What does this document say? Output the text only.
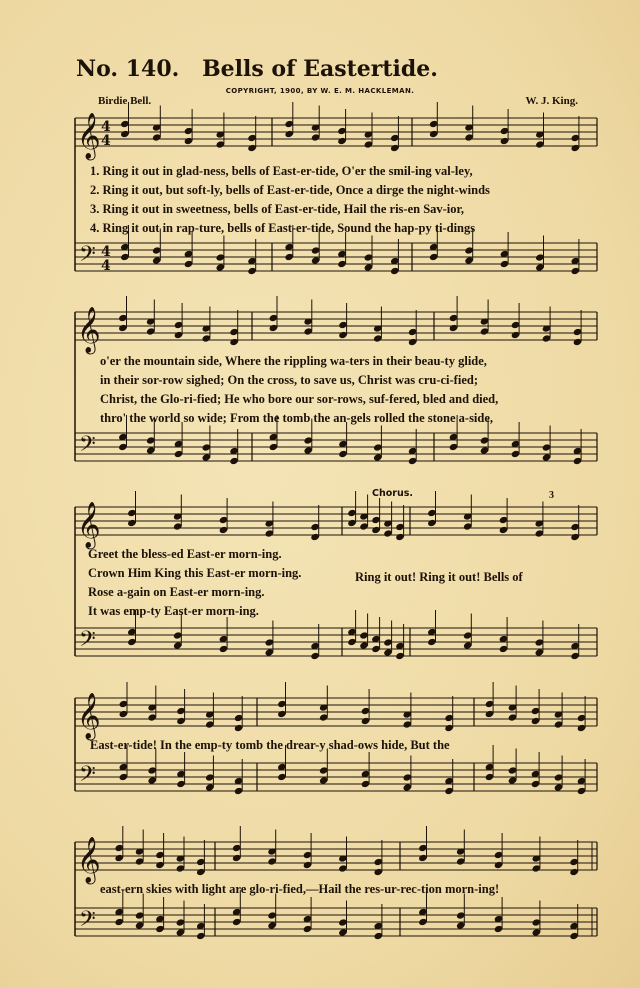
𝄞
𝄢
4
4
4
4
𝄞
𝄢
𝄞
𝄢
𝄞
𝄢
𝄞
𝄢
No. 140.	Bells of Eastertide.
COPYRIGHT, 1900, BY W. E. M. HACKLEMAN.
Birdie Bell.	W. J. King.
1. Ring it out in glad-ness, bells of East-er-tide, O'er the smil-ing val-ley,
2. Ring it out, but soft-ly, bells of East-er-tide, Once a dirge the night-winds
3. Ring it out in sweetness, bells of East-er-tide, Hail the ris-en Sav-ior,
4. Ring it out in rap-ture, bells of East-er-tide, Sound the hap-py ti-dings
o'er the mountain side, Where the rippling wa-ters in their beau-ty glide,
in their sor-row sighed; On the cross, to save us, Christ was cru-ci-fied;
Christ, the Glo-ri-fied; He who bore our sor-rows, suf-fered, bled and died,
thro' the world so wide; From the tomb the an-gels rolled the stone a-side,
Chorus.
Greet the bless-ed East-er morn-ing.
Crown Him King this East-er morn-ing.
Rose a-gain on East-er morn-ing.
It was emp-ty East-er morn-ing.
Ring it out! Ring it out! Bells of
East-er-tide! In the emp-ty tomb the drear-y shad-ows hide, But the
east-ern skies with light are glo-ri-fied,—Hail the res-ur-rec-tion morn-ing!
3
